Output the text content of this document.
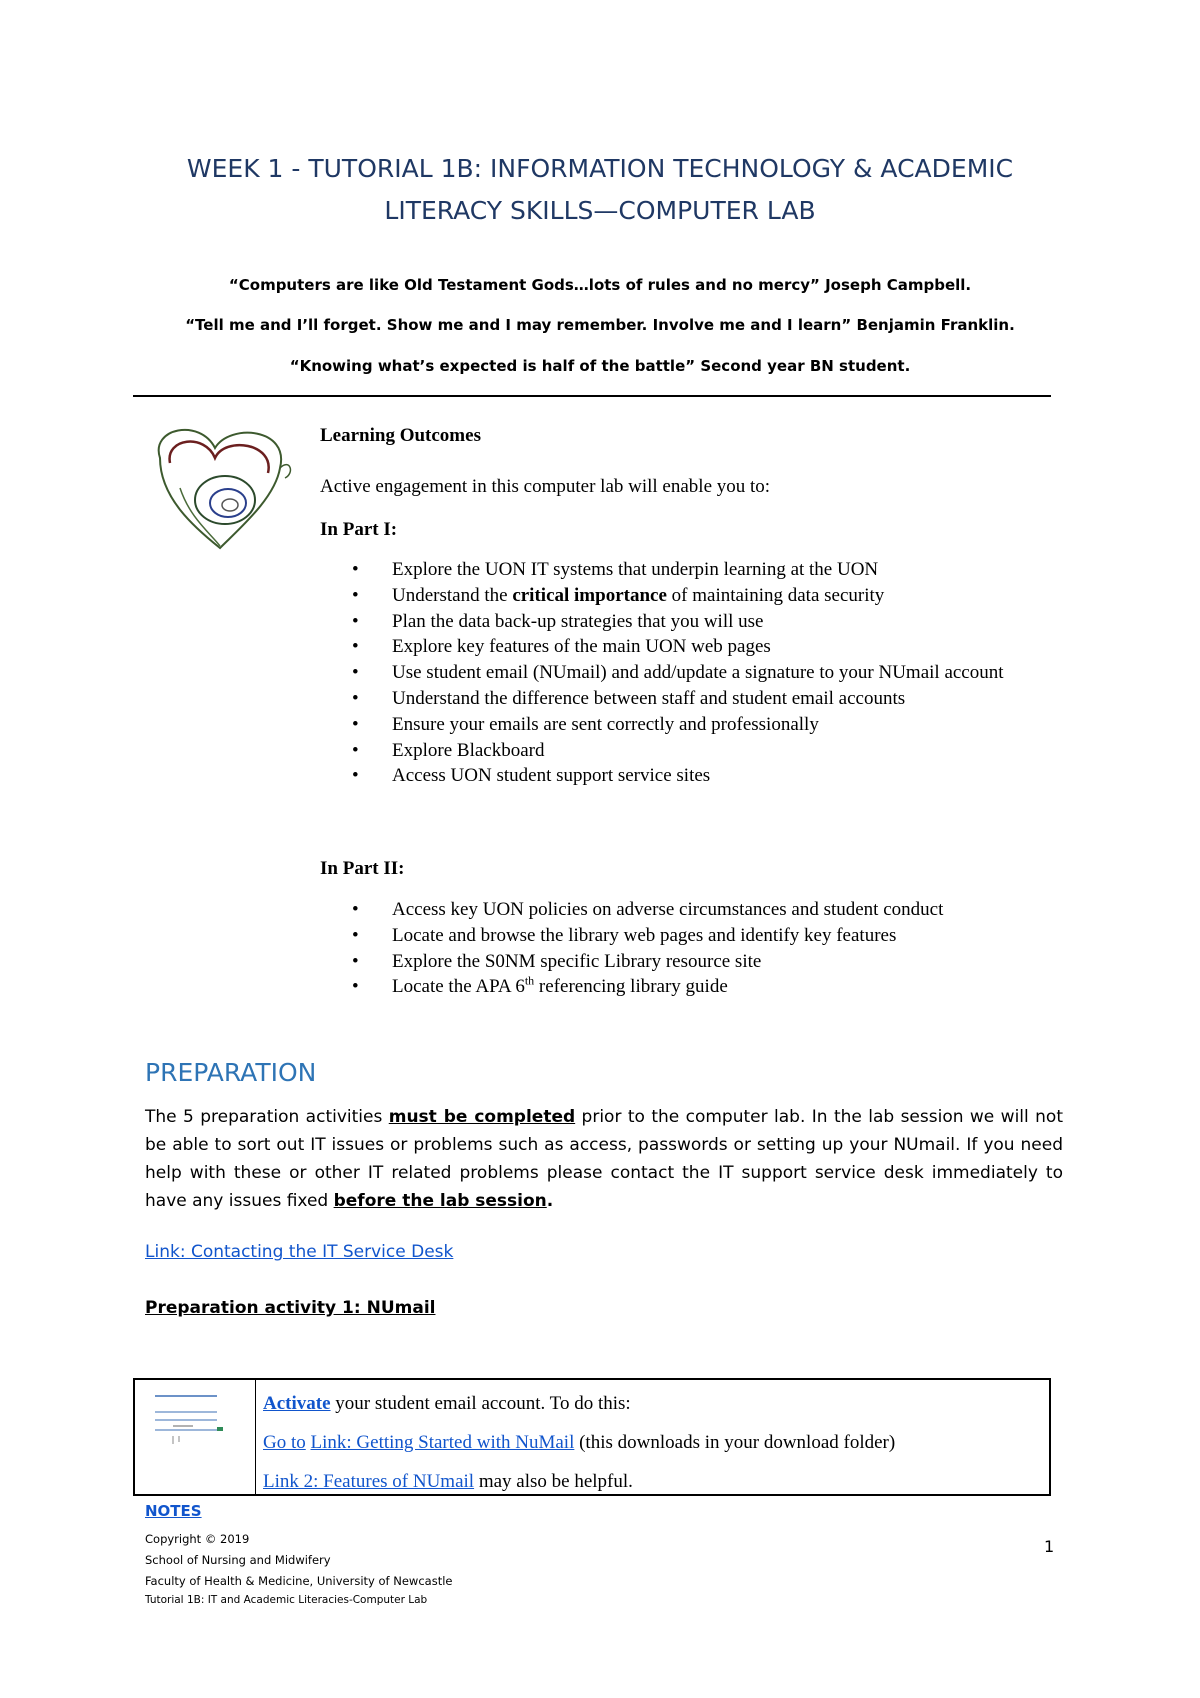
WEEK 1 - TUTORIAL 1B: INFORMATION TECHNOLOGY & ACADEMIC
LITERACY SKILLS—COMPUTER LAB
“Computers are like Old Testament Gods…lots of rules and no mercy” Joseph Campbell.
“Tell me and I’ll forget. Show me and I may remember. Involve me and I learn” Benjamin Franklin.
“Knowing what’s expected is half of the battle” Second year BN student.
Learning Outcomes
Active engagement in this computer lab will enable you to:
In Part I:
• Explore the UON IT systems that underpin learning at the UON
• Understand the critical importance of maintaining data security
• Plan the data back-up strategies that you will use
• Explore key features of the main UON web pages
• Use student email (NUmail) and add/update a signature to your NUmail account
• Understand the difference between staff and student email accounts
• Ensure your emails are sent correctly and professionally
• Explore Blackboard
• Access UON student support service sites
In Part II:
• Access key UON policies on adverse circumstances and student conduct
• Locate and browse the library web pages and identify key features
• Explore the S0NM specific Library resource site
• Locate the APA 6th referencing library guide
PREPARATION

The 5 preparation activities must be completed prior to the computer lab. In the lab session we will not be able to sort out IT issues or problems such as access, passwords or setting up your NUmail. If you need help with these or other IT related problems please contact the IT support service desk immediately to have any issues fixed before the lab session.

Link: Contacting the IT Service Desk
Preparation activity 1: NUmail
Activate your student email account. To do this:
Go to Link: Getting Started with NuMail (this downloads in your download folder)
Link 2: Features of NUmail may also be helpful.
NOTES
Copyright © 2019
School of Nursing and Midwifery
Faculty of Health & Medicine, University of Newcastle
Tutorial 1B: IT and Academic Literacies-Computer Lab
1
